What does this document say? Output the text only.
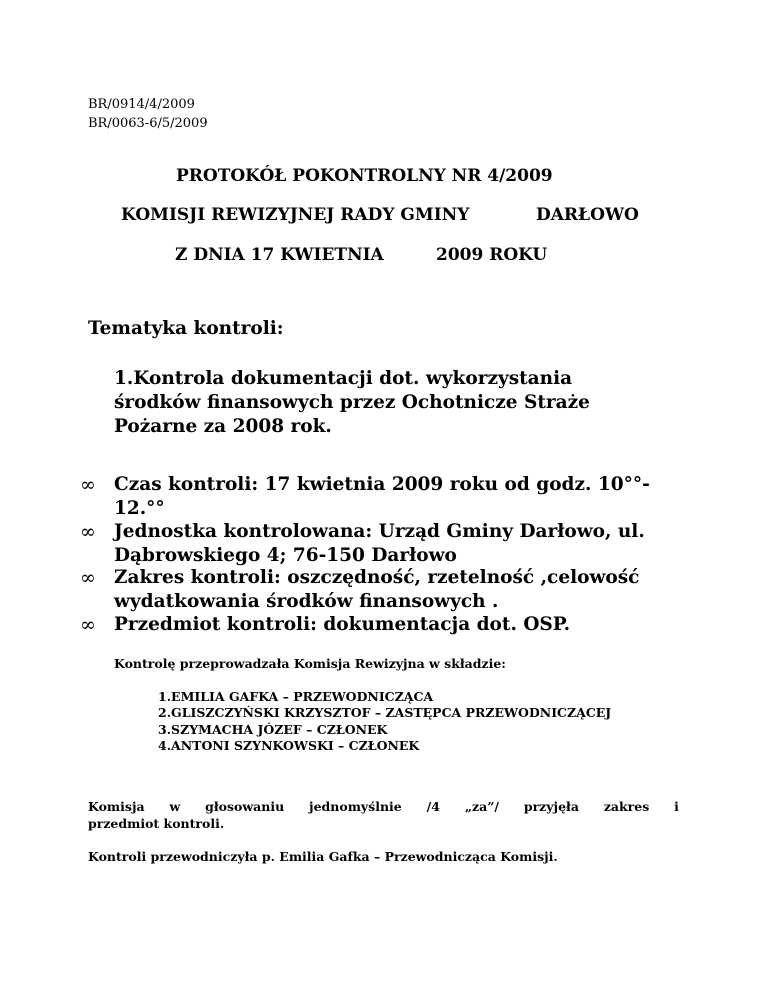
BR/0914/4/2009
BR/0063-6/5/2009
PROTOKÓŁ POKONTROLNY NR 4/2009
KOMISJI REWIZYJNEJ RADY GMINY	DARŁOWO
Z DNIA 17 KWIETNIA	2009 ROKU
Tematyka kontroli:
1.Kontrola dokumentacji dot. wykorzystania
środków finansowych przez Ochotnicze Straże
Pożarne za 2008 rok.
∞ Czas kontroli: 17 kwietnia 2009 roku od godz. 10°°-
12.°°
∞ Jednostka kontrolowana: Urząd Gminy Darłowo, ul.
Dąbrowskiego 4; 76-150 Darłowo
∞ Zakres kontroli: oszczędność, rzetelność ,celowość
wydatkowania środków finansowych .
∞ Przedmiot kontroli: dokumentacja dot. OSP.
Kontrolę przeprowadzała Komisja Rewizyjna w składzie:
1.EMILIA GAFKA – PRZEWODNICZĄCA
2.GLISZCZYŃSKI KRZYSZTOF – ZASTĘPCA PRZEWODNICZĄCEJ
3.SZYMACHA JÓZEF – CZŁONEK
4.ANTONI SZYNKOWSKI – CZŁONEK
Komisja w głosowaniu jednomyślnie /4 „za”/ przyjęła zakres i
przedmiot kontroli.
Kontroli przewodniczyła p. Emilia Gafka – Przewodnicząca Komisji.
